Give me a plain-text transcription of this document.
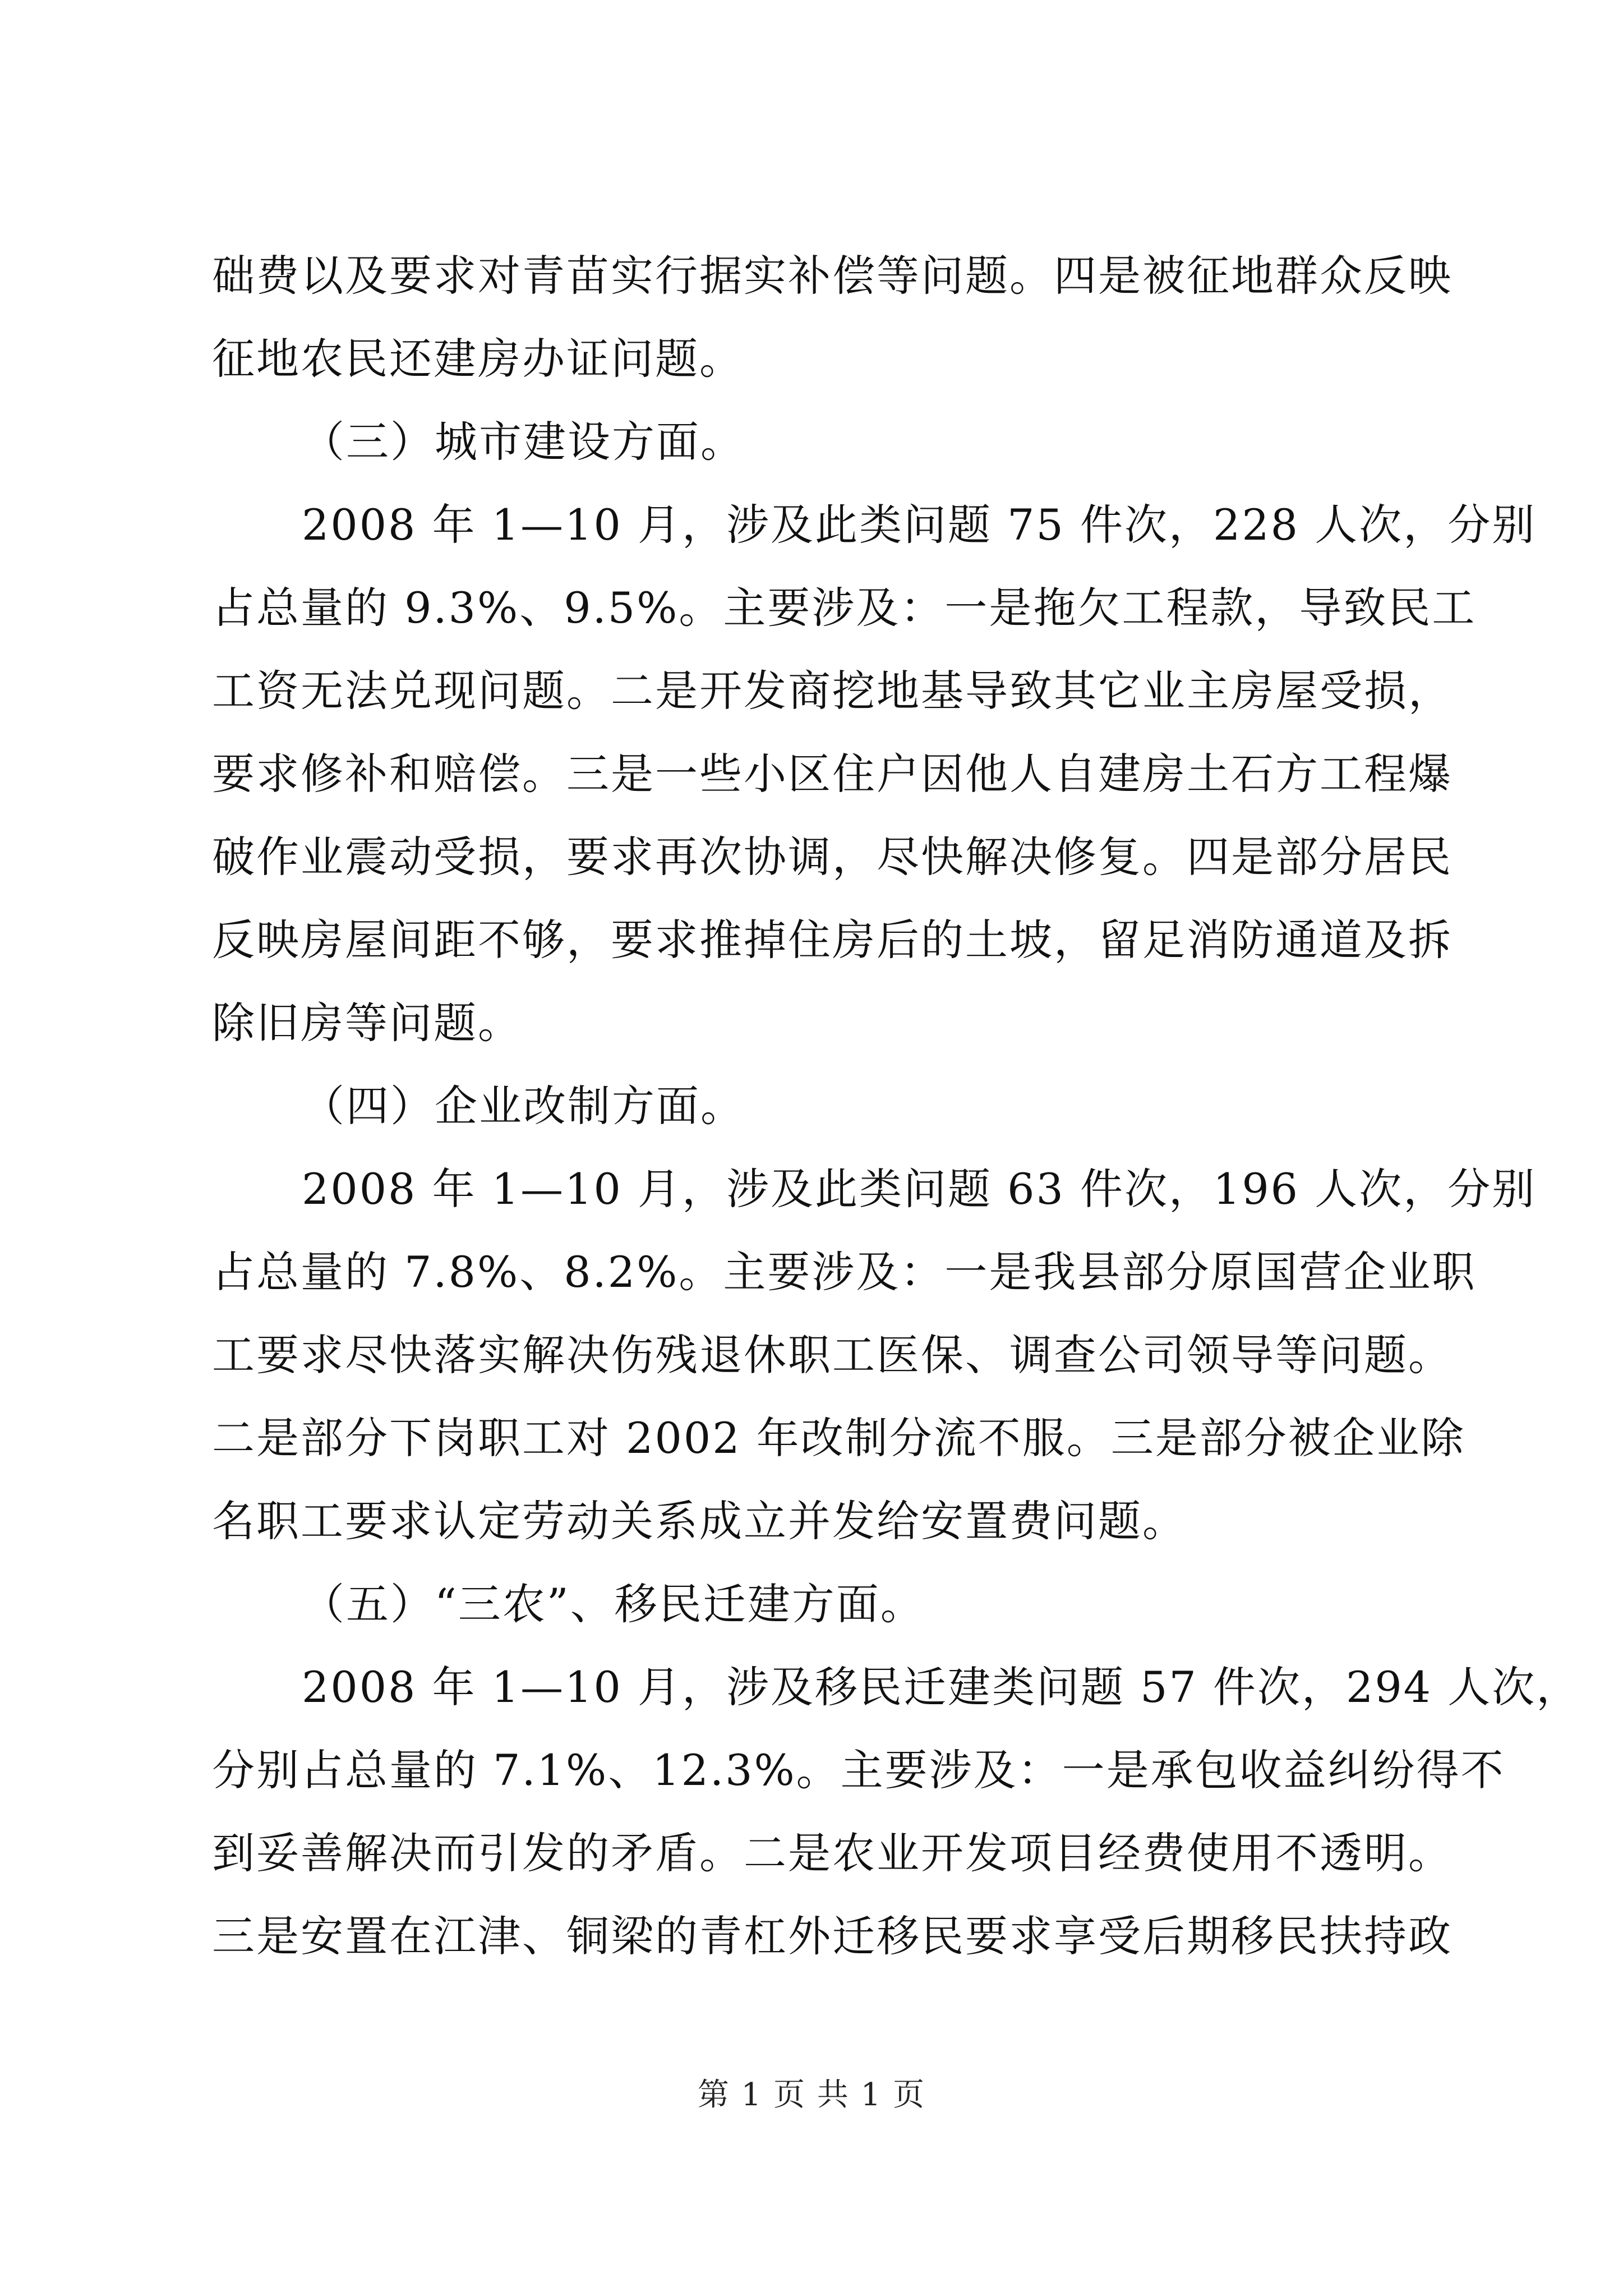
础费以及要求对青苗实行据实补偿等问题。四是被征地群众反映
征地农民还建房办证问题。
（三）城市建设方面。
2008 年 1—10 月，涉及此类问题 75 件次，228 人次，分别
占总量的 9.3%、9.5%。主要涉及：一是拖欠工程款，导致民工
工资无法兑现问题。二是开发商挖地基导致其它业主房屋受损，
要求修补和赔偿。三是一些小区住户因他人自建房土石方工程爆
破作业震动受损，要求再次协调，尽快解决修复。四是部分居民
反映房屋间距不够，要求推掉住房后的土坡，留足消防通道及拆
除旧房等问题。
（四）企业改制方面。
2008 年 1—10 月，涉及此类问题 63 件次，196 人次，分别
占总量的 7.8%、8.2%。主要涉及：一是我县部分原国营企业职
工要求尽快落实解决伤残退休职工医保、调查公司领导等问题。
二是部分下岗职工对 2002 年改制分流不服。三是部分被企业除
名职工要求认定劳动关系成立并发给安置费问题。
（五）“三农”、移民迁建方面。
2008 年 1—10 月，涉及移民迁建类问题 57 件次，294 人次，
分别占总量的 7.1%、12.3%。主要涉及：一是承包收益纠纷得不
到妥善解决而引发的矛盾。二是农业开发项目经费使用不透明。
三是安置在江津、铜梁的青杠外迁移民要求享受后期移民扶持政
第 1 页 共 1 页
